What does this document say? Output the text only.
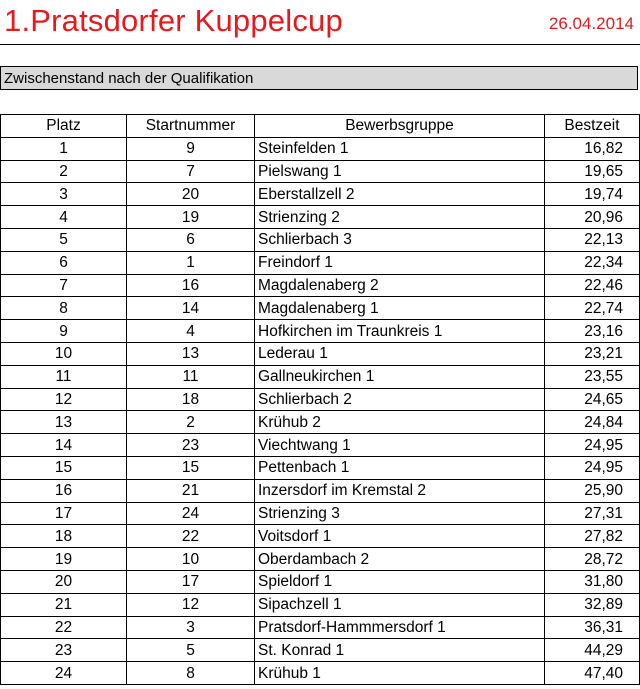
1.Pratsdorfer Kuppelcup	26.04.2014
Zwischenstand nach der Qualifikation
Platz	Startnummer	Bewerbsgruppe	Bestzeit
1	9	Steinfelden 1	16,82
2	7	Pielswang 1	19,65
3	20	Eberstallzell 2	19,74
4	19	Strienzing 2	20,96
5	6	Schlierbach 3	22,13
6	1	Freindorf 1	22,34
7	16	Magdalenaberg 2	22,46
8	14	Magdalenaberg 1	22,74
9	4	Hofkirchen im Traunkreis 1	23,16
10	13	Lederau 1	23,21
11	11	Gallneukirchen 1	23,55
12	18	Schlierbach 2	24,65
13	2	Krühub 2	24,84
14	23	Viechtwang 1	24,95
15	15	Pettenbach 1	24,95
16	21	Inzersdorf im Kremstal 2	25,90
17	24	Strienzing 3	27,31
18	22	Voitsdorf 1	27,82
19	10	Oberdambach 2	28,72
20	17	Spieldorf 1	31,80
21	12	Sipachzell 1	32,89
22	3	Pratsdorf-Hammmersdorf 1	36,31
23	5	St. Konrad 1	44,29
24	8	Krühub 1	47,40
